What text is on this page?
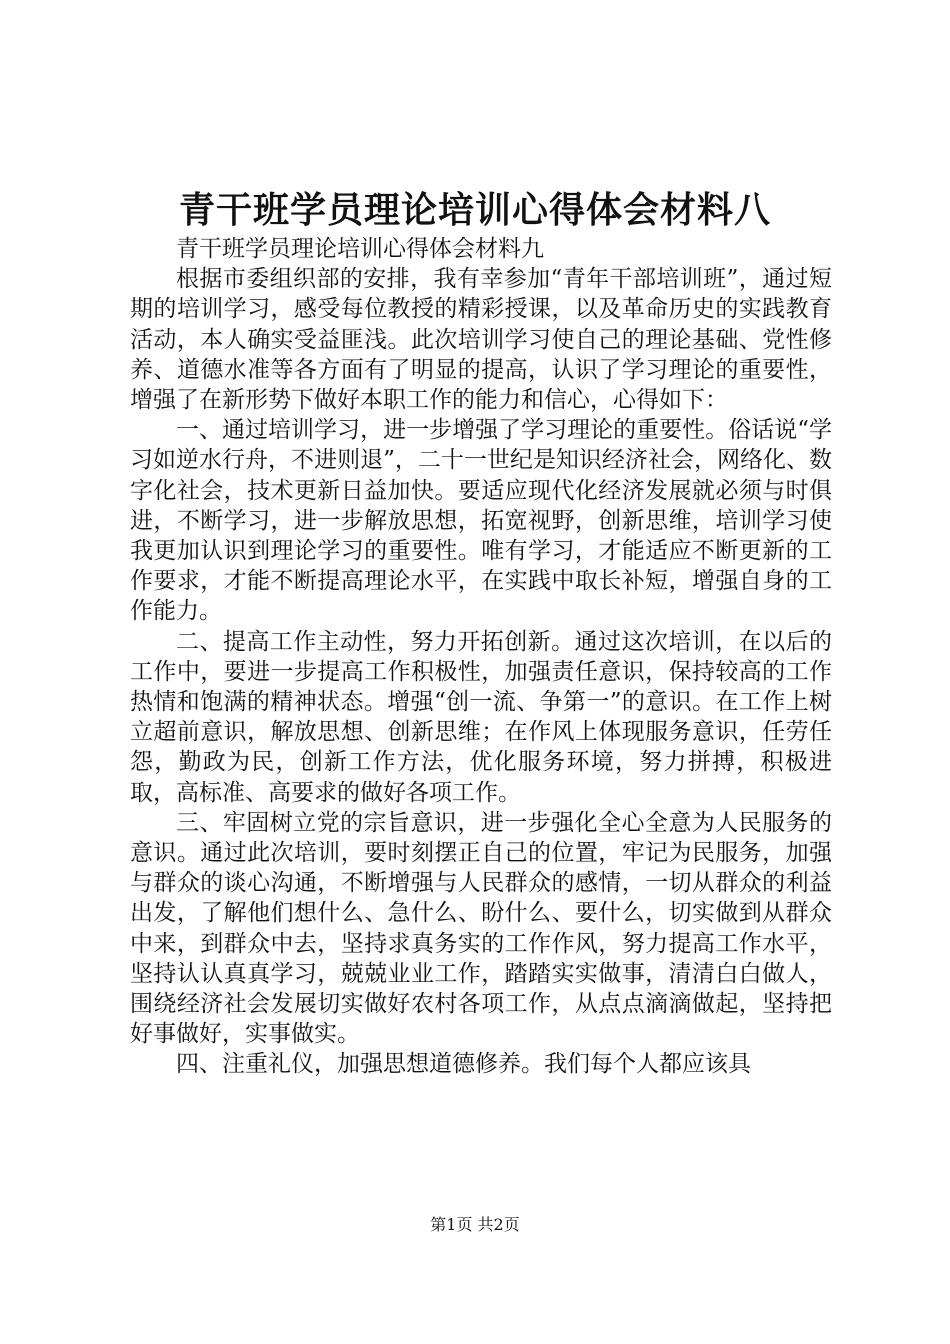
青干班学员理论培训心得体会材料八

青干班学员理论培训心得体会材料九

根据市委组织部的安排，我有幸参加“青年干部培训班”，通过短期的培训学习，感受每位教授的精彩授课，以及革命历史的实践教育活动，本人确实受益匪浅。此次培训学习使自己的理论基础、党性修养、道德水准等各方面有了明显的提高，认识了学习理论的重要性，增强了在新形势下做好本职工作的能力和信心，心得如下：

一、通过培训学习，进一步增强了学习理论的重要性。俗话说“学习如逆水行舟，不进则退”，二十一世纪是知识经济社会，网络化、数字化社会，技术更新日益加快。要适应现代化经济发展就必须与时俱进，不断学习，进一步解放思想，拓宽视野，创新思维，培训学习使我更加认识到理论学习的重要性。唯有学习，才能适应不断更新的工作要求，才能不断提高理论水平，在实践中取长补短，增强自身的工作能力。

二、提高工作主动性，努力开拓创新。通过这次培训，在以后的工作中，要进一步提高工作积极性，加强责任意识，保持较高的工作热情和饱满的精神状态。增强“创一流、争第一”的意识。在工作上树立超前意识，解放思想、创新思维；在作风上体现服务意识，任劳任怨，勤政为民，创新工作方法，优化服务环境，努力拼搏，积极进取，高标准、高要求的做好各项工作。

三、牢固树立党的宗旨意识，进一步强化全心全意为人民服务的意识。通过此次培训，要时刻摆正自己的位置，牢记为民服务，加强与群众的谈心沟通，不断增强与人民群众的感情，一切从群众的利益出发，了解他们想什么、急什么、盼什么、要什么，切实做到从群众中来，到群众中去，坚持求真务实的工作作风，努力提高工作水平，坚持认认真真学习，兢兢业业工作，踏踏实实做事，清清白白做人，围绕经济社会发展切实做好农村各项工作，从点点滴滴做起，坚持把好事做好，实事做实。

四、注重礼仪，加强思想道德修养。我们每个人都应该具

第1页 共2页
